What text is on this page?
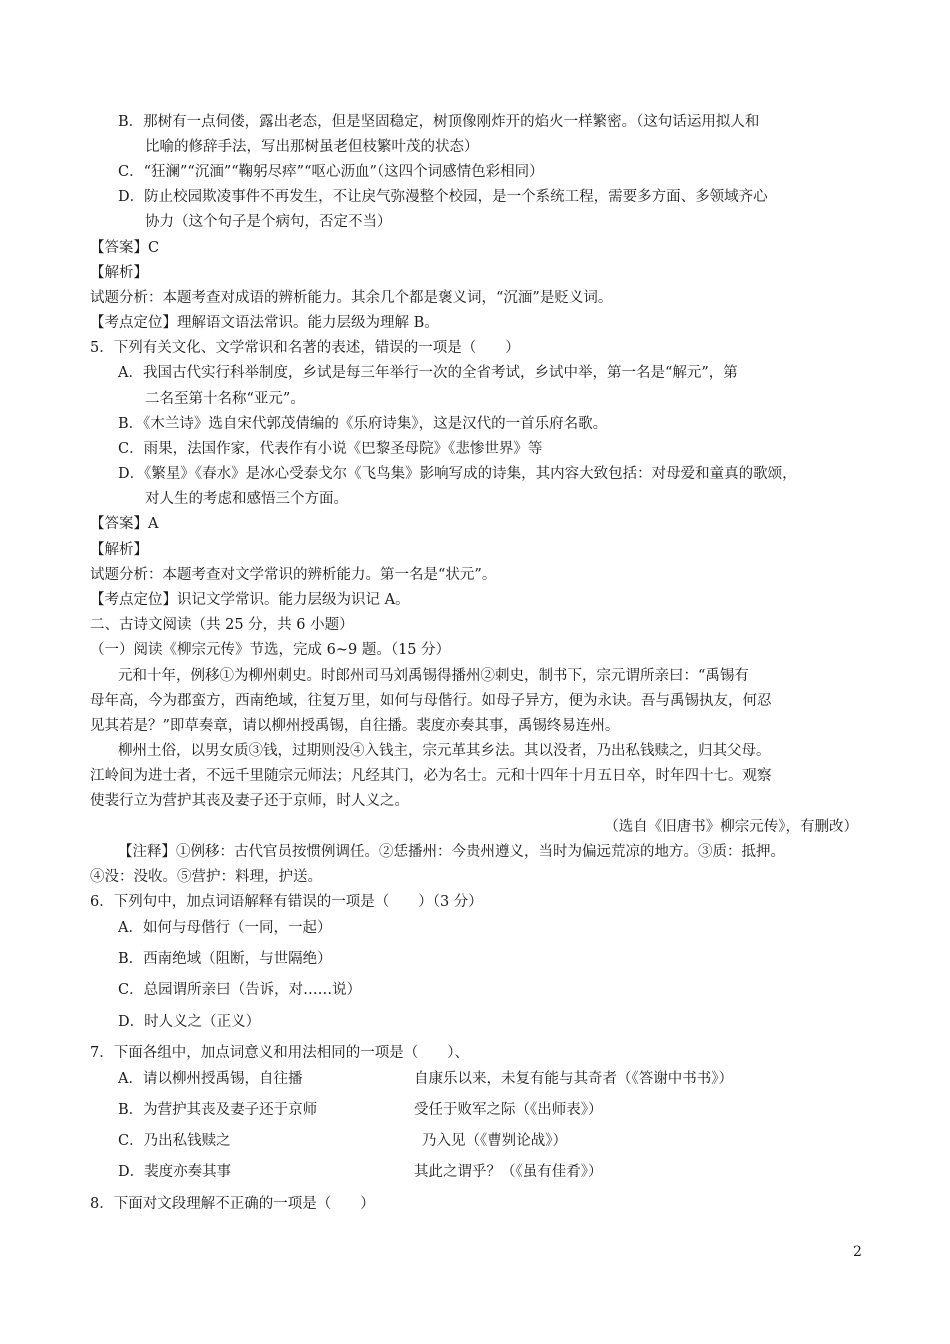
B．那树有一点伺偻，露出老态，但是坚固稳定，树顶像刚炸开的焰火一样繁密。（这句话运用拟人和
比喻的修辞手法，写出那树虽老但枝繁叶茂的状态）
C．“狂澜”“沉湎”“鞠躬尽瘁”“呕心沥血”（这四个词感情色彩相同）
D．防止校园欺凌事件不再发生，不让戾气弥漫整个校园，是一个系统工程，需要多方面、多领域齐心
协力（这个句子是个病句，否定不当）
【答案】C
【解析】
试题分析：本题考查对成语的辨析能力。其余几个都是褒义词，“沉湎”是贬义词。
【考点定位】理解语文语法常识。能力层级为理解 B。
5．下列有关文化、文学常识和名著的表述，错误的一项是（　　）
A．我国古代实行科举制度，乡试是每三年举行一次的全省考试，乡试中举，第一名是“解元”，第
二名至第十名称“亚元”。
B．《木兰诗》选自宋代郭茂倩编的《乐府诗集》，这是汉代的一首乐府名歌。
C．雨果，法国作家，代表作有小说《巴黎圣母院》《悲惨世界》等
D．《繁星》《春水》是冰心受泰戈尔《飞鸟集》影响写成的诗集，其内容大致包括：对母爱和童真的歌颂，
对人生的考虑和感悟三个方面。
【答案】A
【解析】
试题分析：本题考查对文学常识的辨析能力。第一名是“状元”。
【考点定位】识记文学常识。能力层级为识记 A。
二、古诗文阅读（共 25 分，共 6 小题）
（一）阅读《柳宗元传》节选，完成 6~9 题。（15 分）
元和十年，例移①为柳州刺史。时郎州司马刘禹锡得播州②刺史，制书下，宗元谓所亲曰：“禹锡有
母年高，今为郡蛮方，西南绝域，往复万里，如何与母偕行。如母子异方，便为永诀。吾与禹锡执友，何忍
见其若是？”即草奏章，请以柳州授禹锡，自往播。裴度亦奏其事，禹锡终易连州。
柳州土俗，以男女质③钱，过期则没④入钱主，宗元革其乡法。其以没者，乃出私钱赎之，归其父母。
江岭间为进士者，不远千里随宗元师法；凡经其门，必为名士。元和十四年十月五日卒，时年四十七。观察
使裴行立为营护其丧及妻子还于京师，时人义之。
（选自《旧唐书》柳宗元传》，有删改）
【注释】①例移：古代官员按惯例调任。②恁播州：今贵州遵义，当时为偏远荒凉的地方。③质：抵押。
④没：没收。⑤营护：料理，护送。
6．下列句中，加点词语解释有错误的一项是（　　）（3 分）
A．如何与母偕行（一同，一起）
B．西南绝域（阻断，与世隔绝）
C．总园谓所亲曰（告诉，对……说）
D．时人义之（正义）
7．下面各组中，加点词意义和用法相同的一项是（　　）、
A．请以柳州授禹锡，自往播	自康乐以来，未复有能与其奇者（《答谢中书书》）
B．为营护其丧及妻子还于京师	受任于败军之际（《出师表》）
C．乃出私钱赎之	乃入见（《曹刿论战》）
D．裴度亦奏其事	其此之谓乎？（《虽有佳肴》）
8．下面对文段理解不正确的一项是（　　）
2
